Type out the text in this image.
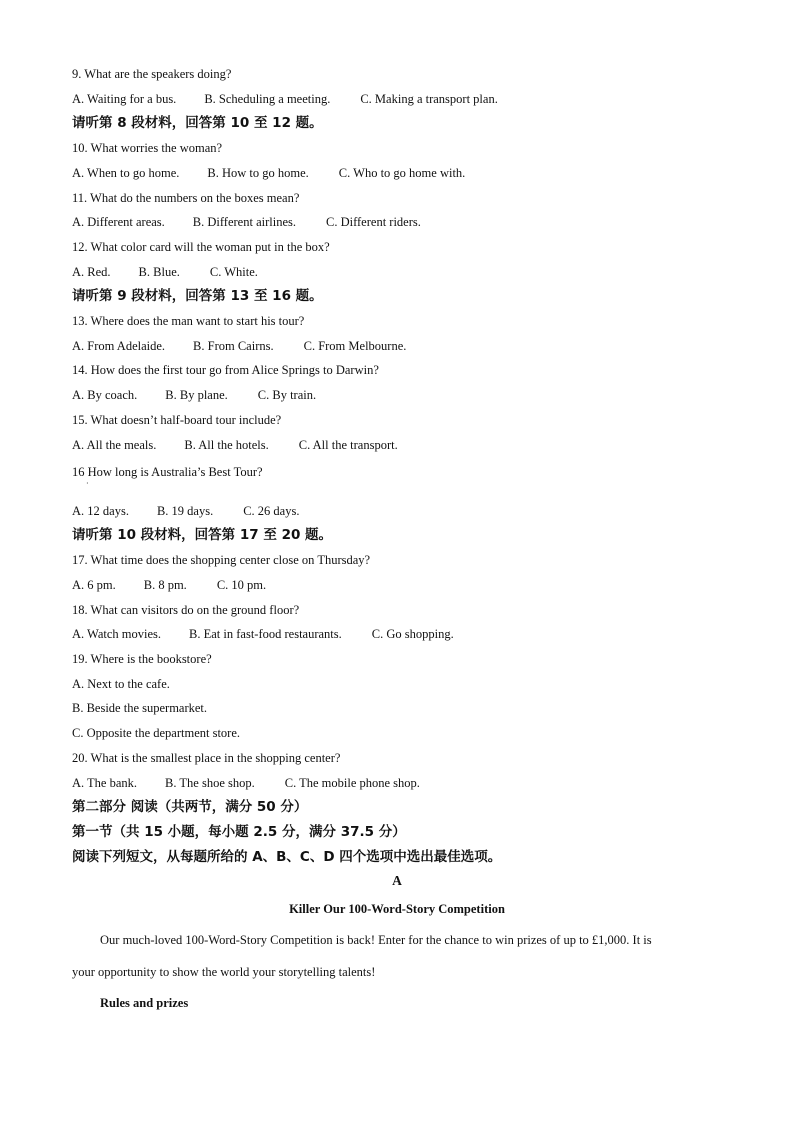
9. What are the speakers doing?
A. Waiting for a bus. B. Scheduling a meeting. C. Making a transport plan.
请听第 8 段材料，回答第 10 至 12 题。
10. What worries the woman?
A. When to go home. B. How to go home. C. Who to go home with.
11. What do the numbers on the boxes mean?
A. Different areas. B. Different airlines. C. Different riders.
12. What color card will the woman put in the box?
A. Red. B. Blue. C. White.
请听第 9 段材料，回答第 13 至 16 题。
13. Where does the man want to start his tour?
A. From Adelaide. B. From Cairns. C. From Melbourne.
14. How does the first tour go from Alice Springs to Darwin?
A. By coach. B. By plane. C. By train.
15. What doesn’t half-board tour include?
A. All the meals. B. All the hotels. C. All the transport.
16 How long is Australia’s Best Tour?
A. 12 days. B. 19 days. C. 26 days.
请听第 10 段材料，回答第 17 至 20 题。
17. What time does the shopping center close on Thursday?
A. 6 pm. B. 8 pm. C. 10 pm.
18. What can visitors do on the ground floor?
A. Watch movies. B. Eat in fast-food restaurants. C. Go shopping.
19. Where is the bookstore?
A. Next to the cafe.
B. Beside the supermarket.
C. Opposite the department store.
20. What is the smallest place in the shopping center?
A. The bank. B. The shoe shop. C. The mobile phone shop.
第二部分 阅读（共两节，满分 50 分）
第一节（共 15 小题，每小题 2.5 分，满分 37.5 分）
阅读下列短文，从每题所给的 A、B、C、D 四个选项中选出最佳选项。
·
A
Killer Our 100-Word-Story Competition
Our much-loved 100-Word-Story Competition is back! Enter for the chance to win prizes of up to £1,000. It is
your opportunity to show the world your storytelling talents!
Rules and prizes
